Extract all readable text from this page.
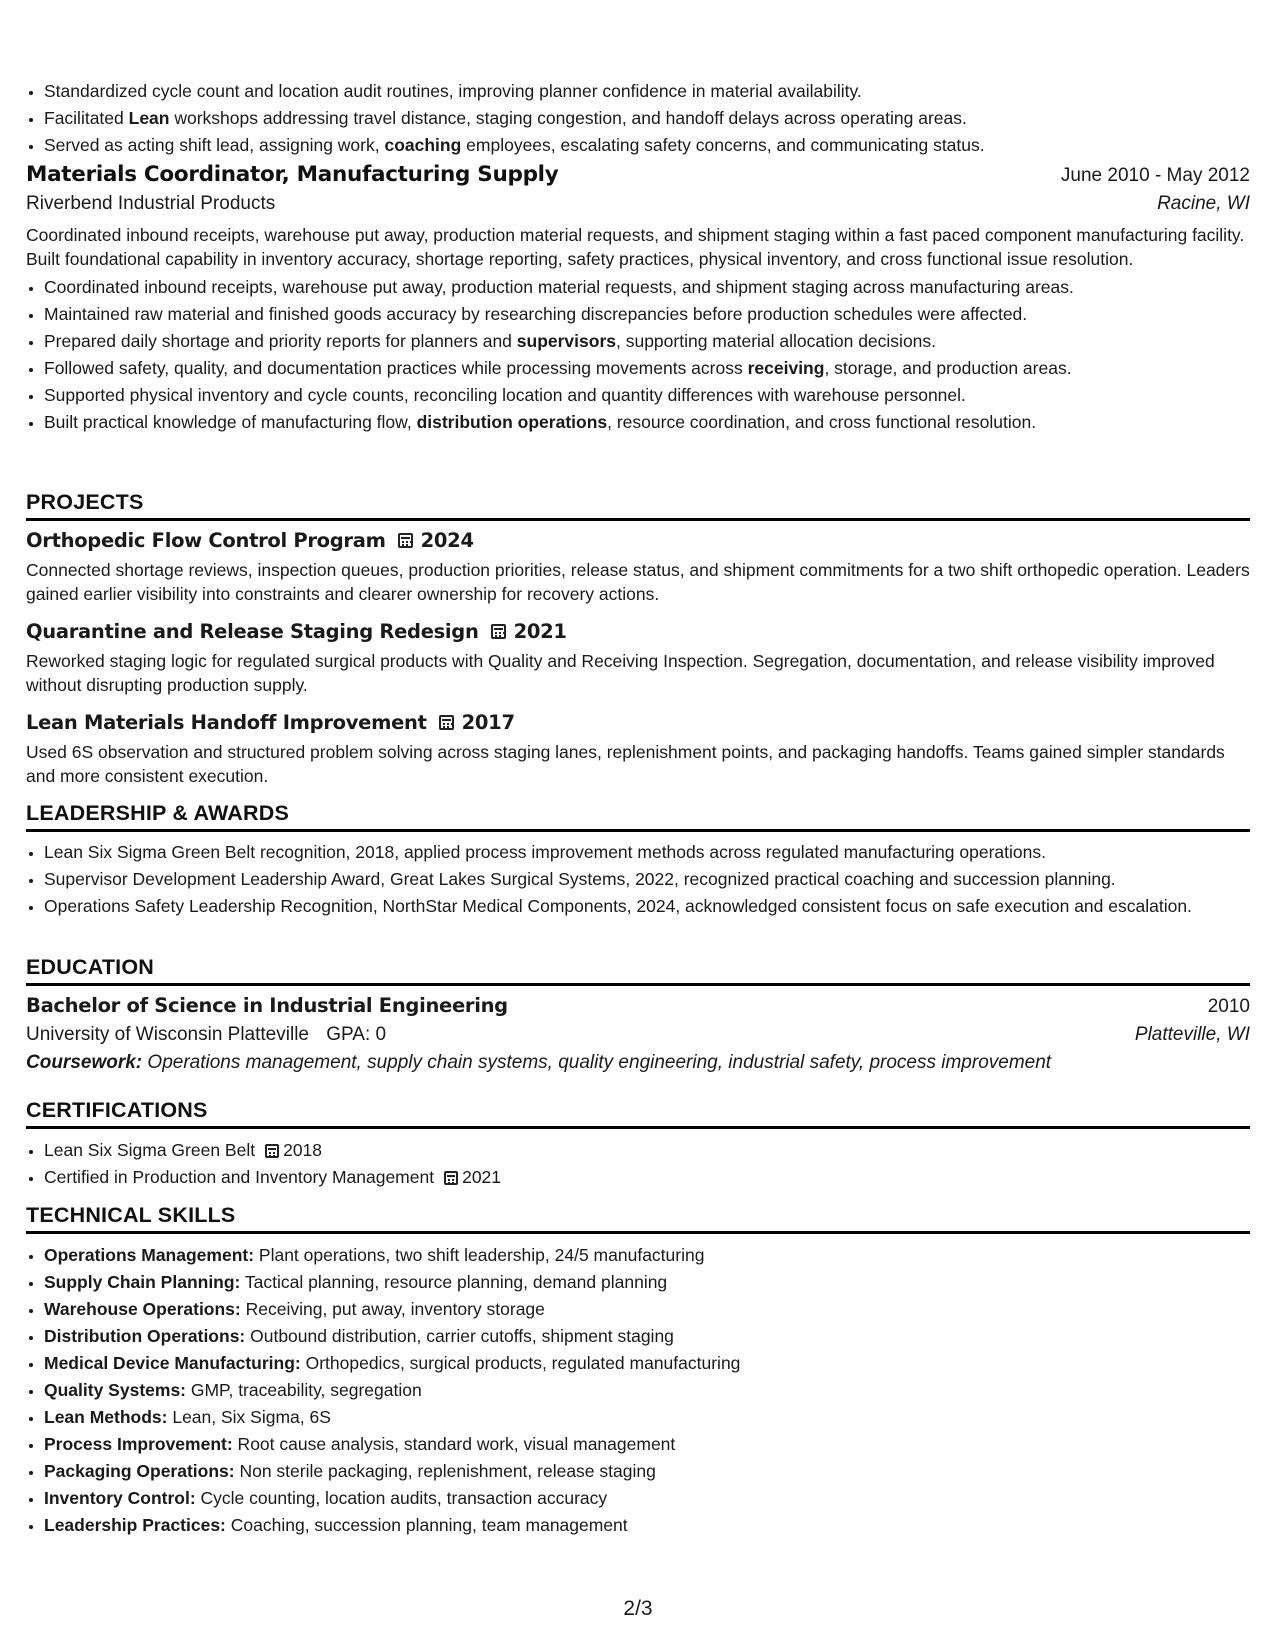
• Standardized cycle count and location audit routines, improving planner confidence in material availability.
• Facilitated Lean workshops addressing travel distance, staging congestion, and handoff delays across operating areas.
• Served as acting shift lead, assigning work, coaching employees, escalating safety concerns, and communicating status.
Materials Coordinator, Manufacturing Supply	June 2010 - May 2012
Riverbend Industrial Products	Racine, WI
Coordinated inbound receipts, warehouse put away, production material requests, and shipment staging within a fast paced component manufacturing facility. Built foundational capability in inventory accuracy, shortage reporting, safety practices, physical inventory, and cross functional issue resolution.
• Coordinated inbound receipts, warehouse put away, production material requests, and shipment staging across manufacturing areas.
• Maintained raw material and finished goods accuracy by researching discrepancies before production schedules were affected.
• Prepared daily shortage and priority reports for planners and supervisors, supporting material allocation decisions.
• Followed safety, quality, and documentation practices while processing movements across receiving, storage, and production areas.
• Supported physical inventory and cycle counts, reconciling location and quantity differences with warehouse personnel.
• Built practical knowledge of manufacturing flow, distribution operations, resource coordination, and cross functional resolution.
PROJECTS
Orthopedic Flow Control Program 2024
Connected shortage reviews, inspection queues, production priorities, release status, and shipment commitments for a two shift orthopedic operation. Leaders gained earlier visibility into constraints and clearer ownership for recovery actions.
Quarantine and Release Staging Redesign 2021
Reworked staging logic for regulated surgical products with Quality and Receiving Inspection. Segregation, documentation, and release visibility improved without disrupting production supply.
Lean Materials Handoff Improvement 2017
Used 6S observation and structured problem solving across staging lanes, replenishment points, and packaging handoffs. Teams gained simpler standards and more consistent execution.
LEADERSHIP & AWARDS
• Lean Six Sigma Green Belt recognition, 2018, applied process improvement methods across regulated manufacturing operations.
• Supervisor Development Leadership Award, Great Lakes Surgical Systems, 2022, recognized practical coaching and succession planning.
• Operations Safety Leadership Recognition, NorthStar Medical Components, 2024, acknowledged consistent focus on safe execution and escalation.
EDUCATION
Bachelor of Science in Industrial Engineering	2010
University of Wisconsin Platteville GPA: 0	Platteville, WI
Coursework: Operations management, supply chain systems, quality engineering, industrial safety, process improvement
CERTIFICATIONS
• Lean Six Sigma Green Belt 2018
• Certified in Production and Inventory Management 2021
TECHNICAL SKILLS
• Operations Management: Plant operations, two shift leadership, 24/5 manufacturing
• Supply Chain Planning: Tactical planning, resource planning, demand planning
• Warehouse Operations: Receiving, put away, inventory storage
• Distribution Operations: Outbound distribution, carrier cutoffs, shipment staging
• Medical Device Manufacturing: Orthopedics, surgical products, regulated manufacturing
• Quality Systems: GMP, traceability, segregation
• Lean Methods: Lean, Six Sigma, 6S
• Process Improvement: Root cause analysis, standard work, visual management
• Packaging Operations: Non sterile packaging, replenishment, release staging
• Inventory Control: Cycle counting, location audits, transaction accuracy
• Leadership Practices: Coaching, succession planning, team management
2/3
